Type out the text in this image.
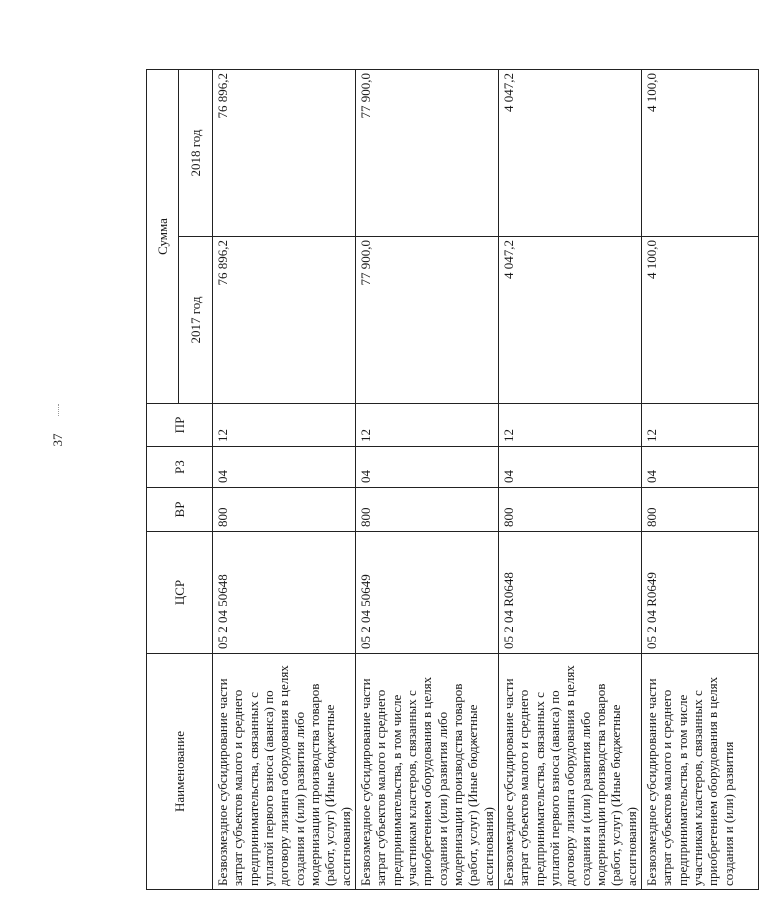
37
Наименование	ЦСР	ВР	РЗ	ПР	Сумма	
					2017 год	2018 год
Безвозмездное субсидирование части затрат субъектов малого и среднего предпринимательства, связанных с уплатой первого взноса (аванса) по договору лизинга оборудования в целях создания и (или) развития либо модернизации производства товаров (работ, услуг) (Иные бюджетные ассигнования)	05 2 04 50648	800	04	12	76 896,2	76 896,2
Безвозмездное субсидирование части затрат субъектов малого и среднего предпринимательства, в том числе участникам кластеров, связанных с приобретением оборудования в целях создания и (или) развития либо модернизации производства товаров (работ, услуг) (Иные бюджетные ассигнования)	05 2 04 50649	800	04	12	77 900,0	77 900,0
Безвозмездное субсидирование части затрат субъектов малого и среднего предпринимательства, связанных с уплатой первого взноса (аванса) по договору лизинга оборудования в целях создания и (или) развития либо модернизации производства товаров (работ, услуг) (Иные бюджетные ассигнования)	05 2 04 R0648	800	04	12	4 047,2	4 047,2
Безвозмездное субсидирование части затрат субъектов малого и среднего предпринимательства, в том числе участникам кластеров, связанных с приобретением оборудования в целях создания и (или) развития	05 2 04 R0649	800	04	12	4 100,0	4 100,0
